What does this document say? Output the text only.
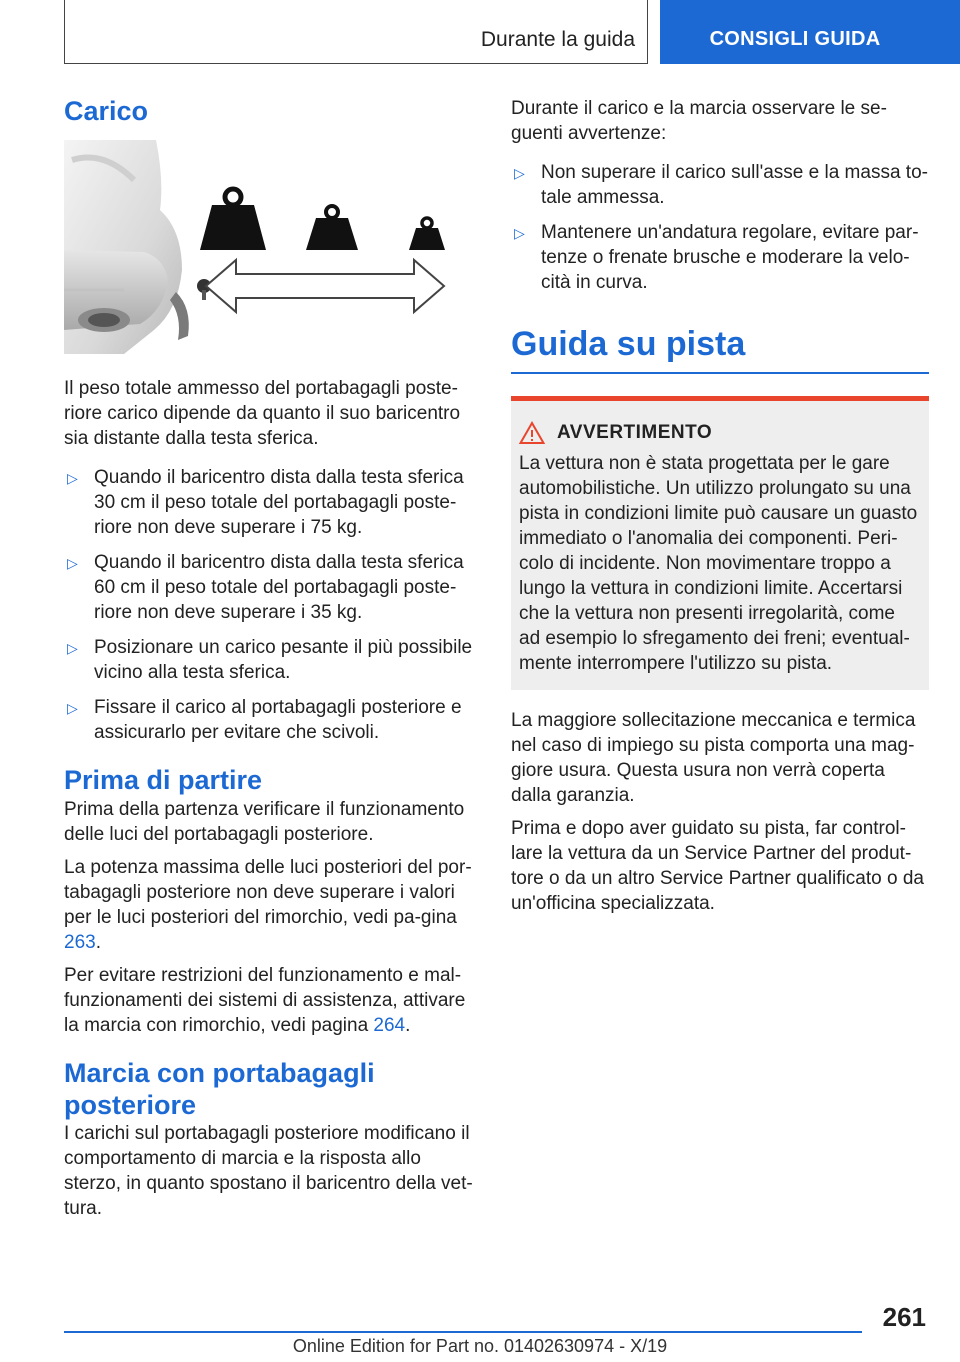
Durante la guida	CONSIGLI GUIDA
Carico

Il peso totale ammesso del portabagagli poste-riore carico dipende da quanto il suo baricentro sia distante dalla testa sferica.

▷ Quando il baricentro dista dalla testa sferica 30 cm il peso totale del portabagagli poste-riore non deve superare i 75 kg.
▷ Quando il baricentro dista dalla testa sferica 60 cm il peso totale del portabagagli poste-riore non deve superare i 35 kg.
▷ Posizionare un carico pesante il più possibile vicino alla testa sferica.
▷ Fissare il carico al portabagagli posteriore e assicurarlo per evitare che scivoli.
Prima di partire

Prima della partenza verificare il funzionamento delle luci del portabagagli posteriore.

La potenza massima delle luci posteriori del por-tabagagli posteriore non deve superare i valori per le luci posteriori del rimorchio, vedi pa-gina 263.

Per evitare restrizioni del funzionamento e mal-funzionamenti dei sistemi di assistenza, attivare la marcia con rimorchio, vedi pagina 264.

Marcia con portabagagli posteriore

I carichi sul portabagagli posteriore modificano il comportamento di marcia e la risposta allo sterzo, in quanto spostano il baricentro della vet-tura.

Durante il carico e la marcia osservare le se-guenti avvertenze:

▷ Non superare il carico sull'asse e la massa to-tale ammessa.
▷ Mantenere un'andatura regolare, evitare par-tenze o frenate brusche e moderare la velo-cità in curva.
Guida su pista
AVVERTIMENTO

La vettura non è stata progettata per le gare automobilistiche. Un utilizzo prolungato su una pista in condizioni limite può causare un guasto immediato o l'anomalia dei componenti. Peri-colo di incidente. Non movimentare troppo a lungo la vettura in condizioni limite. Accertarsi che la vettura non presenti irregolarità, come ad esempio lo sfregamento dei freni; eventual-mente interrompere l'utilizzo su pista.

La maggiore sollecitazione meccanica e termica nel caso di impiego su pista comporta una mag-giore usura. Questa usura non verrà coperta dalla garanzia.

Prima e dopo aver guidato su pista, far control-lare la vettura da un Service Partner del produt-tore o da un altro Service Partner qualificato o da un'officina specializzata.

261
Online Edition for Part no. 01402630974 - X/19
